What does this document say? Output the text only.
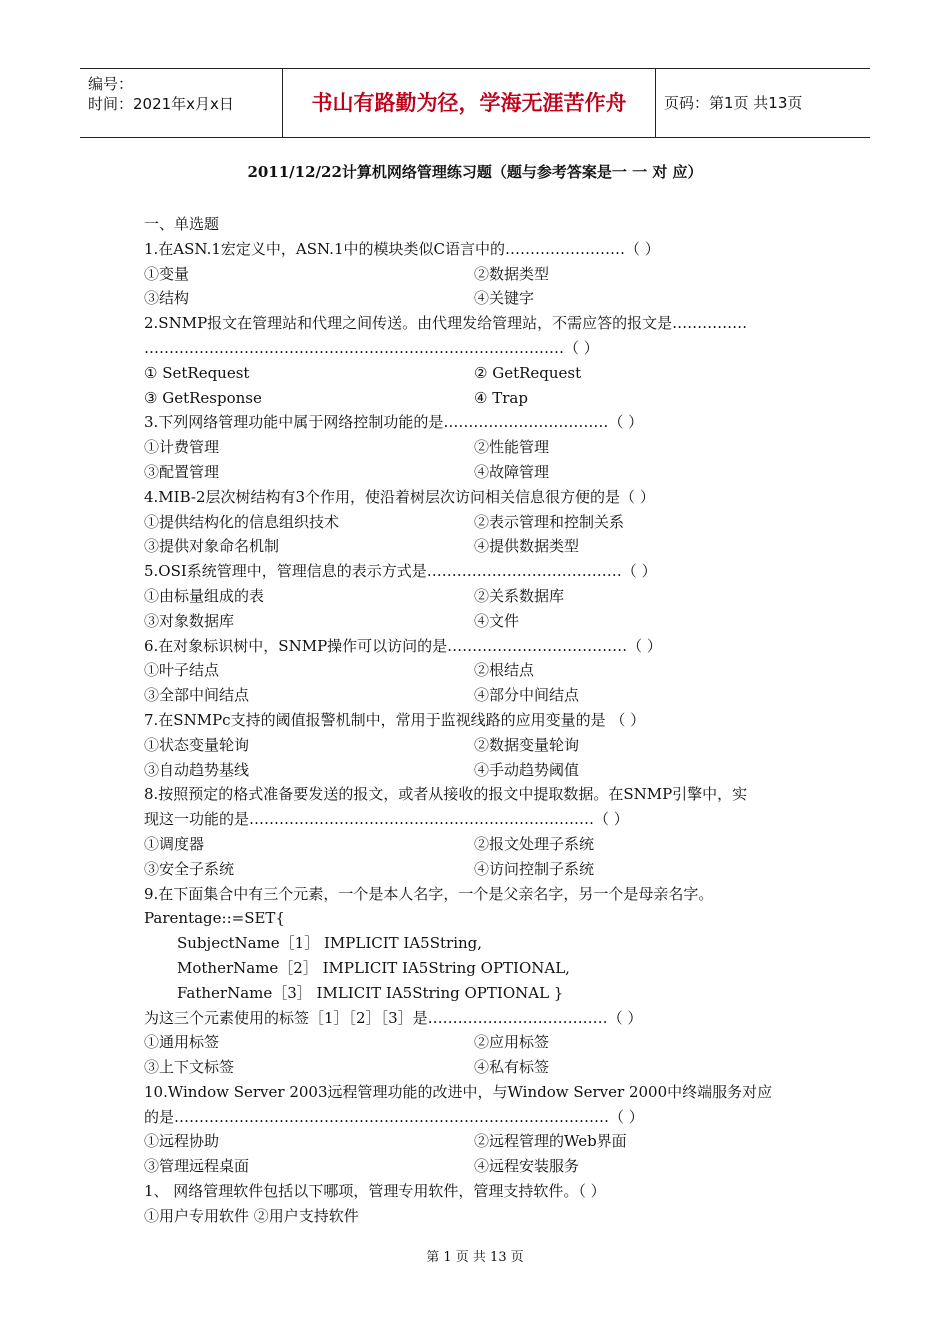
编号：
时间：2021年x月x日	书山有路勤为径，学海无涯苦作舟	页码：第1页 共13页
2011/12/22计算机网络管理练习题（题与参考答案是一 一 对 应）
一、单选题
1.在ASN.1宏定义中，ASN.1中的模块类似C语言中的……………………（ ）
①变量	②数据类型
③结构	④关键字
2.SNMP报文在管理站和代理之间传送。由代理发给管理站，不需应答的报文是……………
…………………………………………………………………………（ ）
① SetRequest	② GetRequest
③ GetResponse	④ Trap
3.下列网络管理功能中属于网络控制功能的是……………………………（ ）
①计费管理	②性能管理
③配置管理	④故障管理
4.MIB-2层次树结构有3个作用，使沿着树层次访问相关信息很方便的是（ ）
①提供结构化的信息组织技术	②表示管理和控制关系
③提供对象命名机制	④提供数据类型
5.OSI系统管理中，管理信息的表示方式是…………………………………（ ）
①由标量组成的表	②关系数据库
③对象数据库	④文件
6.在对象标识树中，SNMP操作可以访问的是………………………………（ ）
①叶子结点	②根结点
③全部中间结点	④部分中间结点
7.在SNMPc支持的阈值报警机制中，常用于监视线路的应用变量的是 （ ）
①状态变量轮询	②数据变量轮询
③自动趋势基线	④手动趋势阈值
8.按照预定的格式准备要发送的报文，或者从接收的报文中提取数据。在SNMP引擎中，实
现这一功能的是……………………………………………………………（ ）
①调度器	②报文处理子系统
③安全子系统	④访问控制子系统
9.在下面集合中有三个元素，一个是本人名字，一个是父亲名字，另一个是母亲名字。
Parentage::=SET{
SubjectName［1］ IMPLICIT IA5String,
MotherName［2］ IMPLICIT IA5String OPTIONAL,
FatherName［3］ IMLICIT IA5String OPTIONAL }
为这三个元素使用的标签［1］［2］［3］是………………………………（ ）
①通用标签	②应用标签
③上下文标签	④私有标签
10.Window Server 2003远程管理功能的改进中，与Window Server 2000中终端服务对应
的是……………………………………………………………………………（ ）
①远程协助	②远程管理的Web界面
③管理远程桌面	④远程安装服务
1、 网络管理软件包括以下哪项，管理专用软件，管理支持软件。（ ）
①用户专用软件 ②用户支持软件
第 1 页 共 13 页
